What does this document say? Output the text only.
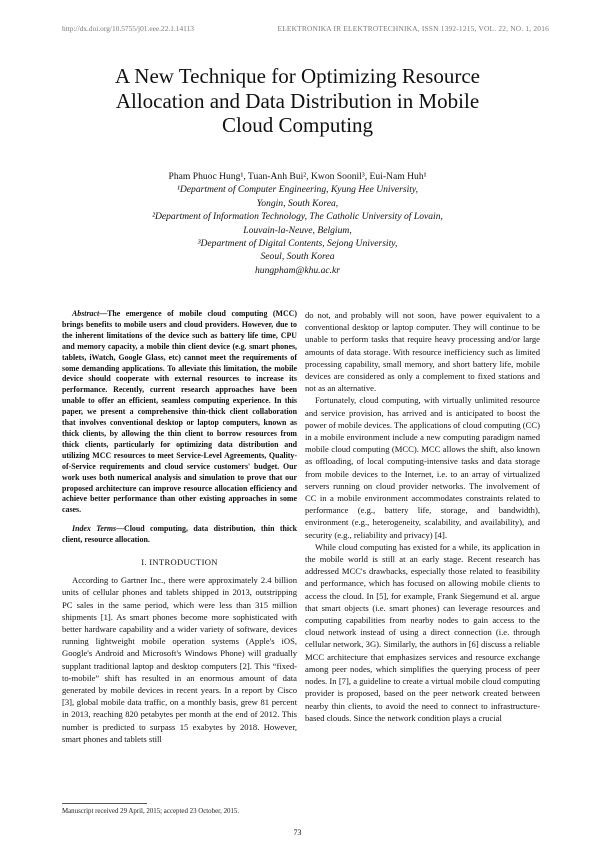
http://dx.doi.org/10.5755/j01.eee.22.1.14113	ELEKTRONIKA IR ELEKTROTECHNIKA, ISSN 1392-1215, VOL. 22, NO. 1, 2016
A New Technique for Optimizing Resource
Allocation and Data Distribution in Mobile
Cloud Computing
Pham Phuoc Hung¹, Tuan-Anh Bui², Kwon Soonil³, Eui-Nam Huh¹
¹Department of Computer Engineering, Kyung Hee University,
Yongin, South Korea,
²Department of Information Technology, The Catholic University of Lovain,
Louvain-la-Neuve, Belgium,
³Department of Digital Contents, Sejong University,
Seoul, South Korea
hungpham@khu.ac.kr

Abstract—The emergence of mobile cloud computing (MCC) brings benefits to mobile users and cloud providers. However, due to the inherent limitations of the device such as battery life time, CPU and memory capacity, a mobile thin client device (e.g. smart phones, tablets, iWatch, Google Glass, etc) cannot meet the requirements of some demanding applications. To alleviate this limitation, the mobile device should cooperate with external resources to increase its performance. Recently, current research approaches have been unable to offer an efficient, seamless computing experience. In this paper, we present a comprehensive thin-thick client collaboration that involves conventional desktop or laptop computers, known as thick clients, by allowing the thin client to borrow resources from thick clients, particularly for optimizing data distribution and utilizing MCC resources to meet Service-Level Agreements, Quality-of-Service requirements and cloud service customers' budget. Our work uses both numerical analysis and simulation to prove that our proposed architecture can improve resource allocation efficiency and achieve better performance than other existing approaches in some cases.

Index Terms—Cloud computing, data distribution, thin thick client, resource allocation.

I. INTRODUCTION

According to Gartner Inc., there were approximately 2.4 billion units of cellular phones and tablets shipped in 2013, outstripping PC sales in the same period, which were less than 315 million shipments [1]. As smart phones become more sophisticated with better hardware capability and a wider variety of software, devices running lightweight mobile operation systems (Apple's iOS, Google's Android and Microsoft's Windows Phone) will gradually supplant traditional laptop and desktop computers [2]. This “fixed-to-mobile” shift has resulted in an enormous amount of data generated by mobile devices in recent years. In a report by Cisco [3], global mobile data traffic, on a monthly basis, grew 81 percent in 2013, reaching 820 petabytes per month at the end of 2012. This number is predicted to surpass 15 exabytes by 2018. However, smart phones and tablets still

do not, and probably will not soon, have power equivalent to a conventional desktop or laptop computer. They will continue to be unable to perform tasks that require heavy processing and/or large amounts of data storage. With resource inefficiency such as limited processing capability, small memory, and short battery life, mobile devices are considered as only a complement to fixed stations and not as an alternative.

Fortunately, cloud computing, with virtually unlimited resource and service provision, has arrived and is anticipated to boost the power of mobile devices. The applications of cloud computing (CC) in a mobile environment include a new computing paradigm named mobile cloud computing (MCC). MCC allows the shift, also known as offloading, of local computing-intensive tasks and data storage from mobile devices to the Internet, i.e. to an array of virtualized servers running on cloud provider networks. The involvement of CC in a mobile environment accommodates constraints related to performance (e.g., battery life, storage, and bandwidth), environment (e.g., heterogeneity, scalability, and availability), and security (e.g., reliability and privacy) [4].

While cloud computing has existed for a while, its application in the mobile world is still at an early stage. Recent research has addressed MCC's drawbacks, especially those related to feasibility and performance, which has focused on allowing mobile clients to access the cloud. In [5], for example, Frank Siegemund et al. argue that smart objects (i.e. smart phones) can leverage resources and computing capabilities from nearby nodes to gain access to the cloud network instead of using a direct connection (i.e. through cellular network, 3G). Similarly, the authors in [6] discuss a reliable MCC architecture that emphasizes services and resource exchange among peer nodes, which simplifies the querying process of peer nodes. In [7], a guideline to create a virtual mobile cloud computing provider is proposed, based on the peer network created between nearby thin clients, to avoid the need to connect to infrastructure-based clouds. Since the network condition plays a crucial

Manuscript received 29 April, 2015; accepted 23 October, 2015.
73
